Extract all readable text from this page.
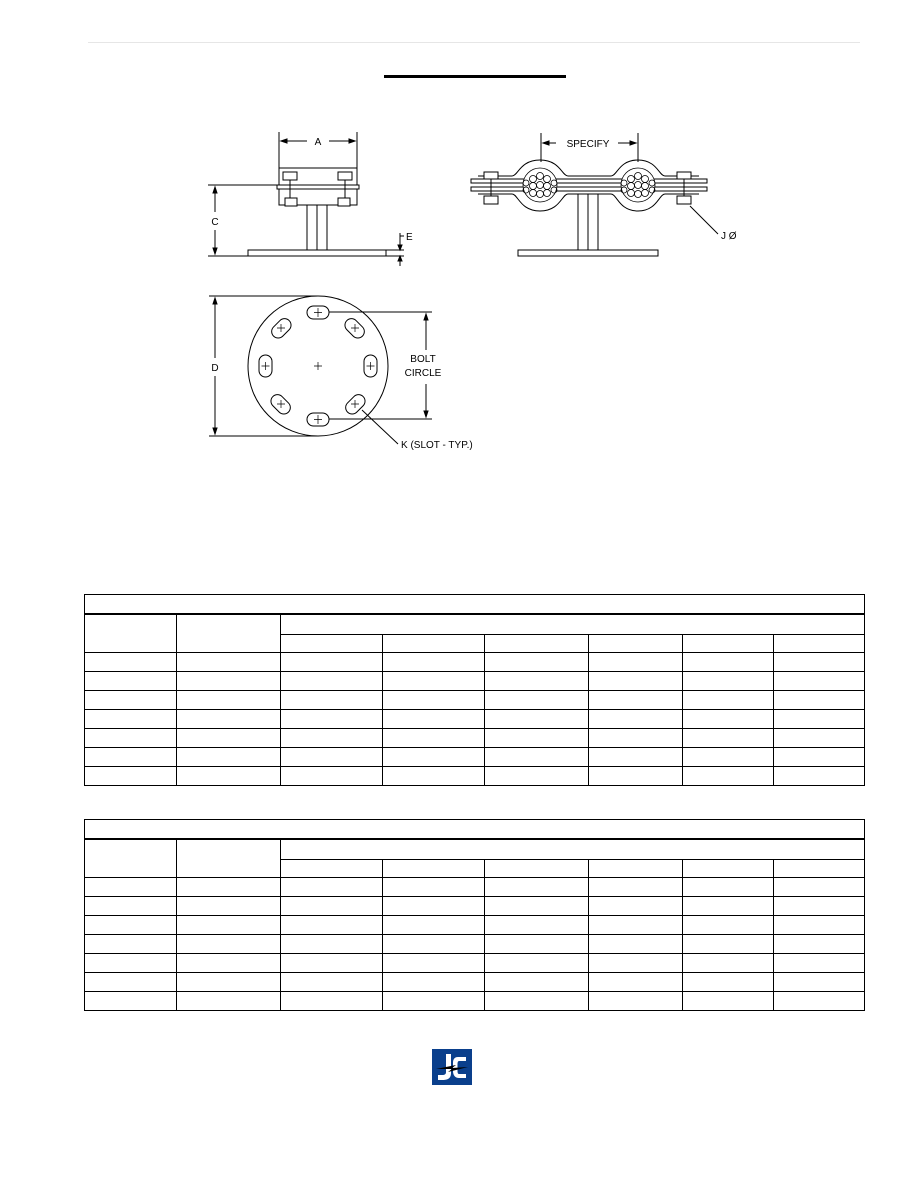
A
C
E
SPECIFY
J Ø
D
BOLT
CIRCLE
K (SLOT - TYP.)
